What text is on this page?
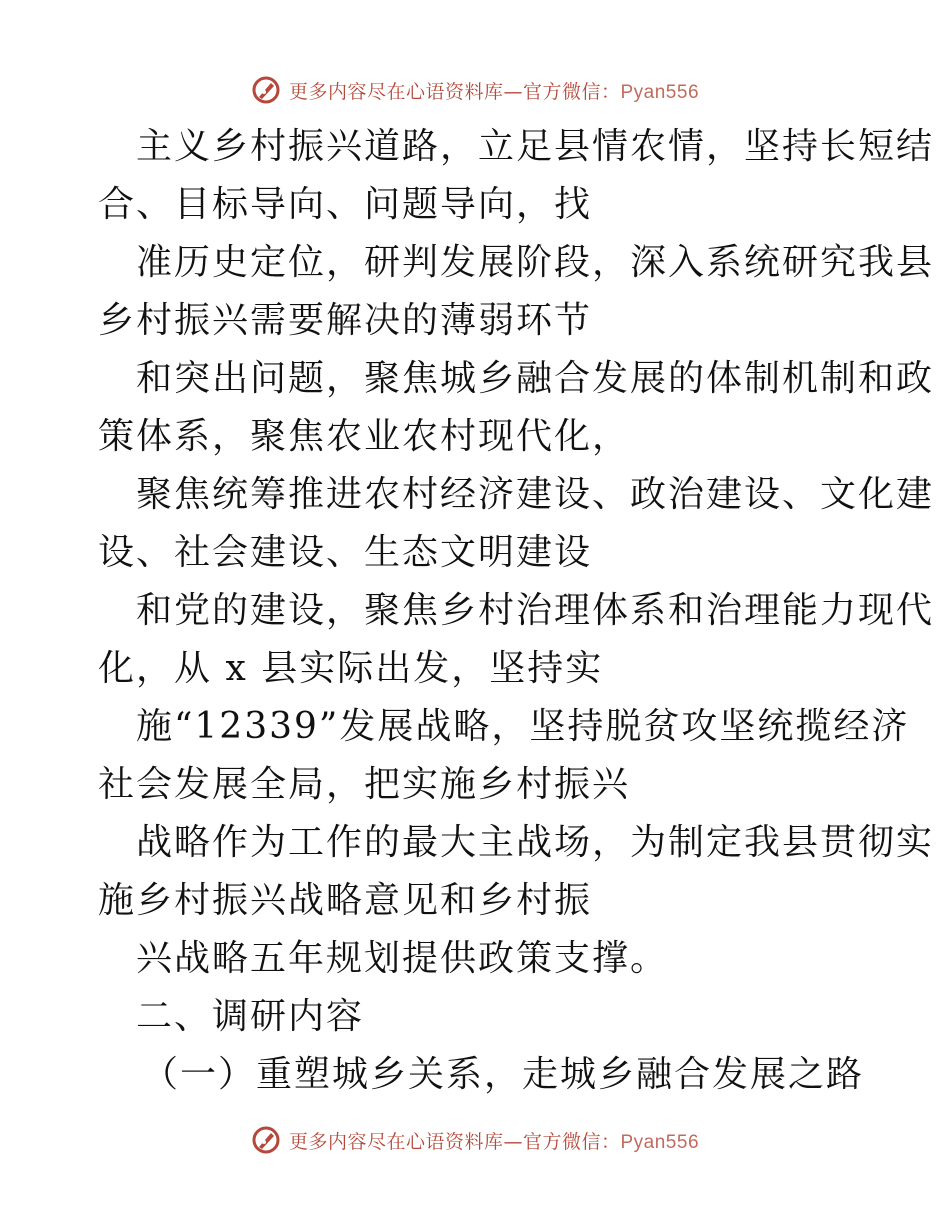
更多内容尽在心语资料库—官方微信：Pyan556
主义乡村振兴道路，立足县情农情，坚持长短结
合、目标导向、问题导向，找
准历史定位，研判发展阶段，深入系统研究我县
乡村振兴需要解决的薄弱环节
和突出问题，聚焦城乡融合发展的体制机制和政
策体系，聚焦农业农村现代化，
聚焦统筹推进农村经济建设、政治建设、文化建
设、社会建设、生态文明建设
和党的建设，聚焦乡村治理体系和治理能力现代
化，从 x 县实际出发，坚持实
施“12339”发展战略，坚持脱贫攻坚统揽经济
社会发展全局，把实施乡村振兴
战略作为工作的最大主战场，为制定我县贯彻实
施乡村振兴战略意见和乡村振
兴战略五年规划提供政策支撑。
二、调研内容
（一）重塑城乡关系，走城乡融合发展之路
更多内容尽在心语资料库—官方微信：Pyan556
